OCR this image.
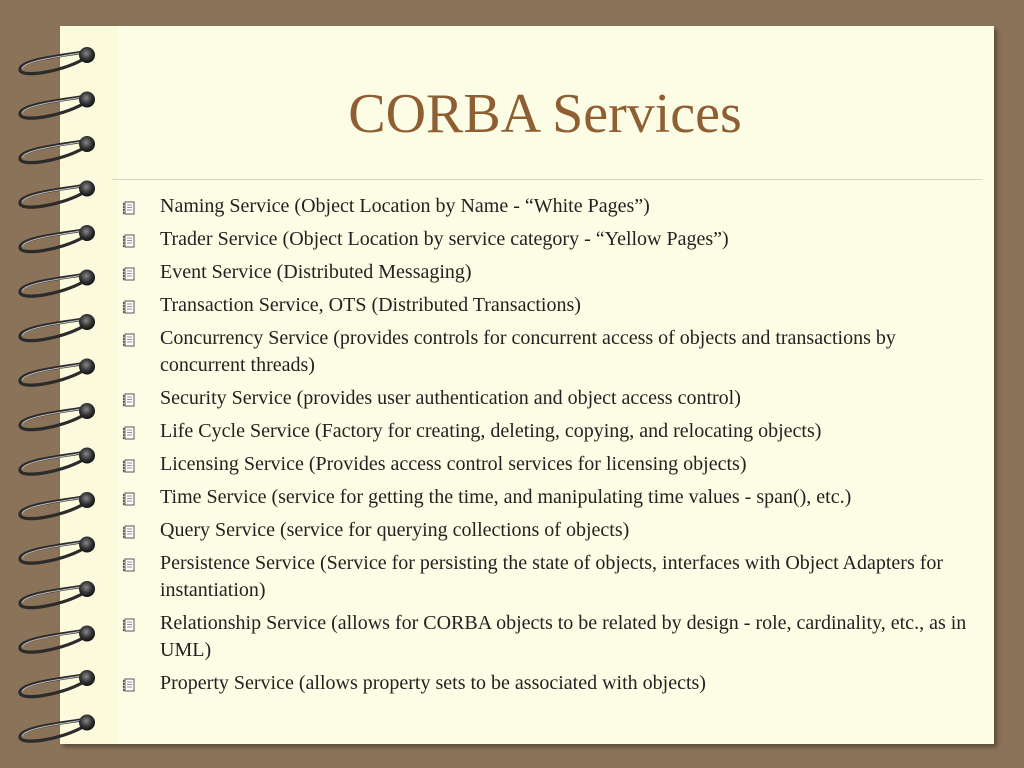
CORBA Services
Naming Service (Object Location by Name - “White Pages”)
Trader Service (Object Location by service category - “Yellow Pages”)
Event Service (Distributed Messaging)
Transaction Service, OTS (Distributed Transactions)
Concurrency Service (provides controls for concurrent access of objects and transactions by concurrent threads)
Security Service (provides user authentication and object access control)
Life Cycle Service (Factory for creating, deleting, copying, and relocating objects)
Licensing Service (Provides access control services for licensing objects)
Time Service (service for getting the time, and manipulating time values - span(), etc.)
Query Service (service for querying collections of objects)
Persistence Service (Service for persisting the state of objects, interfaces with Object Adapters for instantiation)
Relationship Service (allows for CORBA objects to be related by design - role, cardinality, etc., as in UML)
Property Service (allows property sets to be associated with objects)
